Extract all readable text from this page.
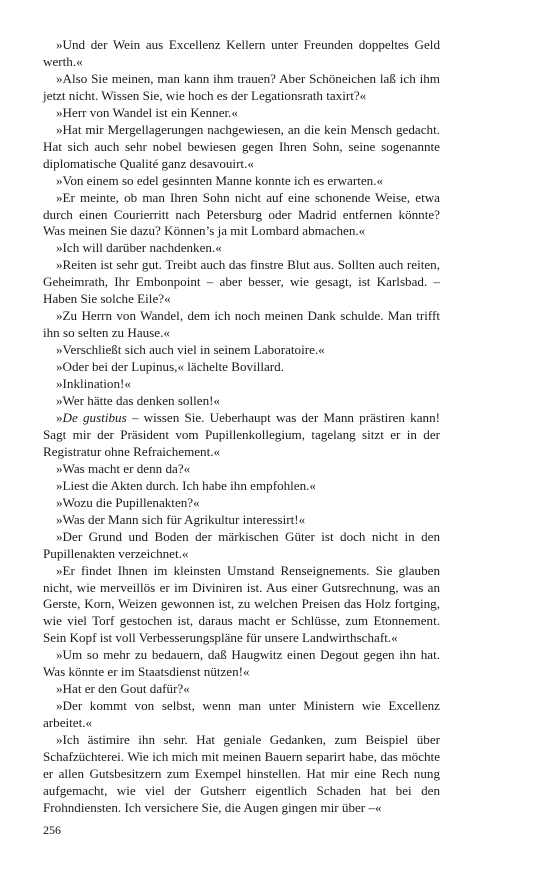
»Und der Wein aus Excellenz Kellern unter Freunden doppeltes Geld werth.«

»Also Sie meinen, man kann ihm trauen? Aber Schöneichen laß ich ihm jetzt nicht. Wissen Sie, wie hoch es der Legationsrath taxirt?«

»Herr von Wandel ist ein Kenner.«

»Hat mir Mergellagerungen nachgewiesen, an die kein Mensch gedacht. Hat sich auch sehr nobel bewiesen gegen Ihren Sohn, seine sogenannte diplomatische Qualité ganz desavouirt.«

»Von einem so edel gesinnten Manne konnte ich es erwarten.«

»Er meinte, ob man Ihren Sohn nicht auf eine schonende Weise, etwa durch einen Courierritt nach Petersburg oder Madrid entfernen könnte? Was meinen Sie dazu? Können’s ja mit Lombard abmachen.«

»Ich will darüber nachdenken.«

»Reiten ist sehr gut. Treibt auch das finstre Blut aus. Sollten auch reiten, Geheimrath, Ihr Embonpoint – aber besser, wie gesagt, ist Karlsbad. – Haben Sie solche Eile?«

»Zu Herrn von Wandel, dem ich noch meinen Dank schulde. Man trifft ihn so selten zu Hause.«

»Verschließt sich auch viel in seinem Laboratoire.«

»Oder bei der Lupinus,« lächelte Bovillard.

»Inklination!«

»Wer hätte das denken sollen!«

»De gustibus – wissen Sie. Ueberhaupt was der Mann prästiren kann! Sagt mir der Präsident vom Pupillenkollegium, tagelang sitzt er in der Registratur ohne Refraichement.«

»Was macht er denn da?«

»Liest die Akten durch. Ich habe ihn empfohlen.«

»Wozu die Pupillenakten?«

»Was der Mann sich für Agrikultur interessirt!«

»Der Grund und Boden der märkischen Güter ist doch nicht in den Pupillenakten verzeichnet.«

»Er findet Ihnen im kleinsten Umstand Renseignements. Sie glauben nicht, wie merveillös er im Diviniren ist. Aus einer Gutsrechnung, was an Gerste, Korn, Weizen gewonnen ist, zu welchen Preisen das Holz fortging, wie viel Torf gestochen ist, daraus macht er Schlüsse, zum Etonnement. Sein Kopf ist voll Verbesserungspläne für unsere Landwirthschaft.«

»Um so mehr zu bedauern, daß Haugwitz einen Degout gegen ihn hat. Was könnte er im Staatsdienst nützen!«

»Hat er den Gout dafür?«

»Der kommt von selbst, wenn man unter Ministern wie Excellenz arbeitet.«

»Ich ästimire ihn sehr. Hat geniale Gedanken, zum Beispiel über Schafzüchterei. Wie ich mich mit meinen Bauern separirt habe, das möchte er allen Gutsbesitzern zum Exempel hinstellen. Hat mir eine Rech nung aufgemacht, wie viel der Gutsherr eigentlich Schaden hat bei den Frohndiensten. Ich versichere Sie, die Augen gingen mir über –«

256
